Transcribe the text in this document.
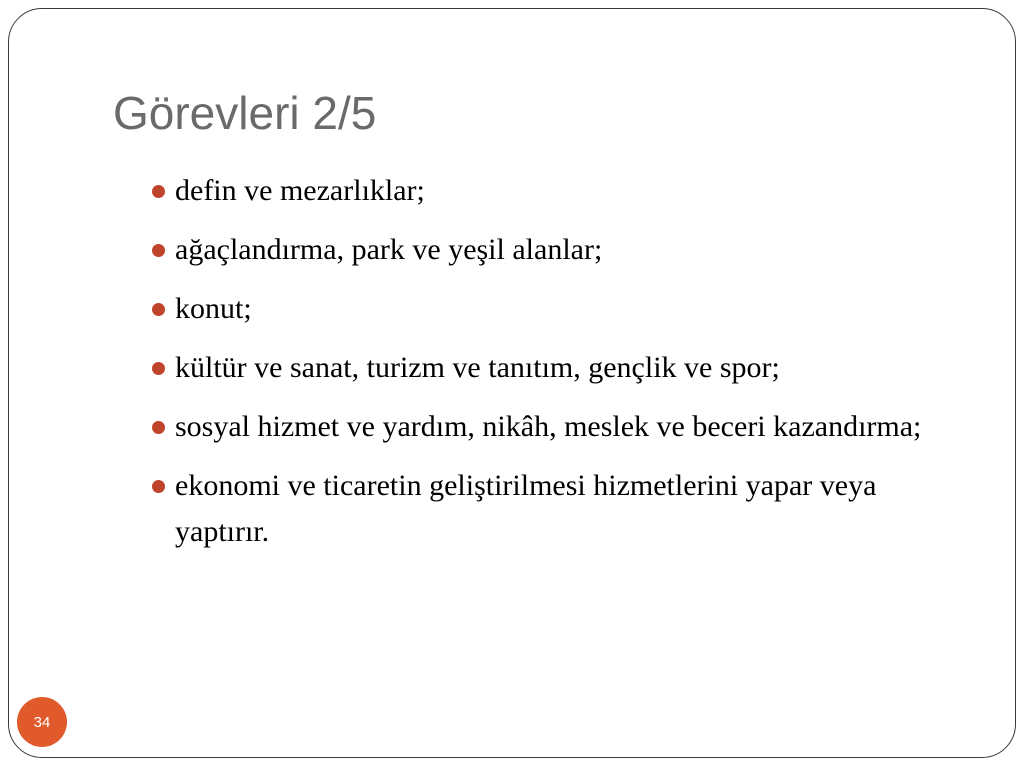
Görevleri 2/5
defin ve mezarlıklar;
ağaçlandırma, park ve yeşil alanlar;
konut;
kültür ve sanat, turizm ve tanıtım, gençlik ve spor;
sosyal hizmet ve yardım, nikâh, meslek ve beceri kazandırma;
ekonomi ve ticaretin geliştirilmesi hizmetlerini yapar veya yaptırır.
34
